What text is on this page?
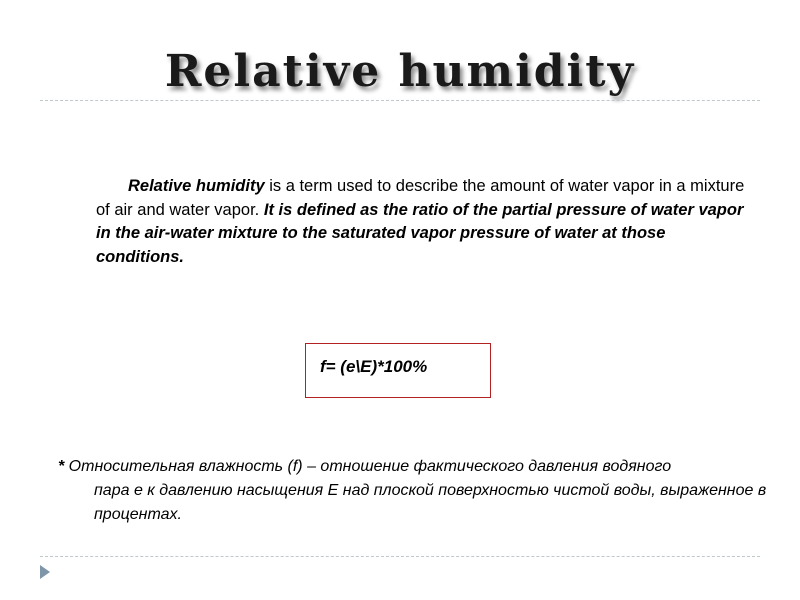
Relative humidity
Relative humidity is a term used to describe the amount of water vapor in a mixture of air and water vapor. It is defined as the ratio of the partial pressure of water vapor in the air-water mixture to the saturated vapor pressure of water at those conditions.
f= (e\E)*100%
* Относительная влажность (f) – отношение фактического давления водяного
пара e к давлению насыщения E над плоской поверхностью чистой воды, выраженное в процентах.
